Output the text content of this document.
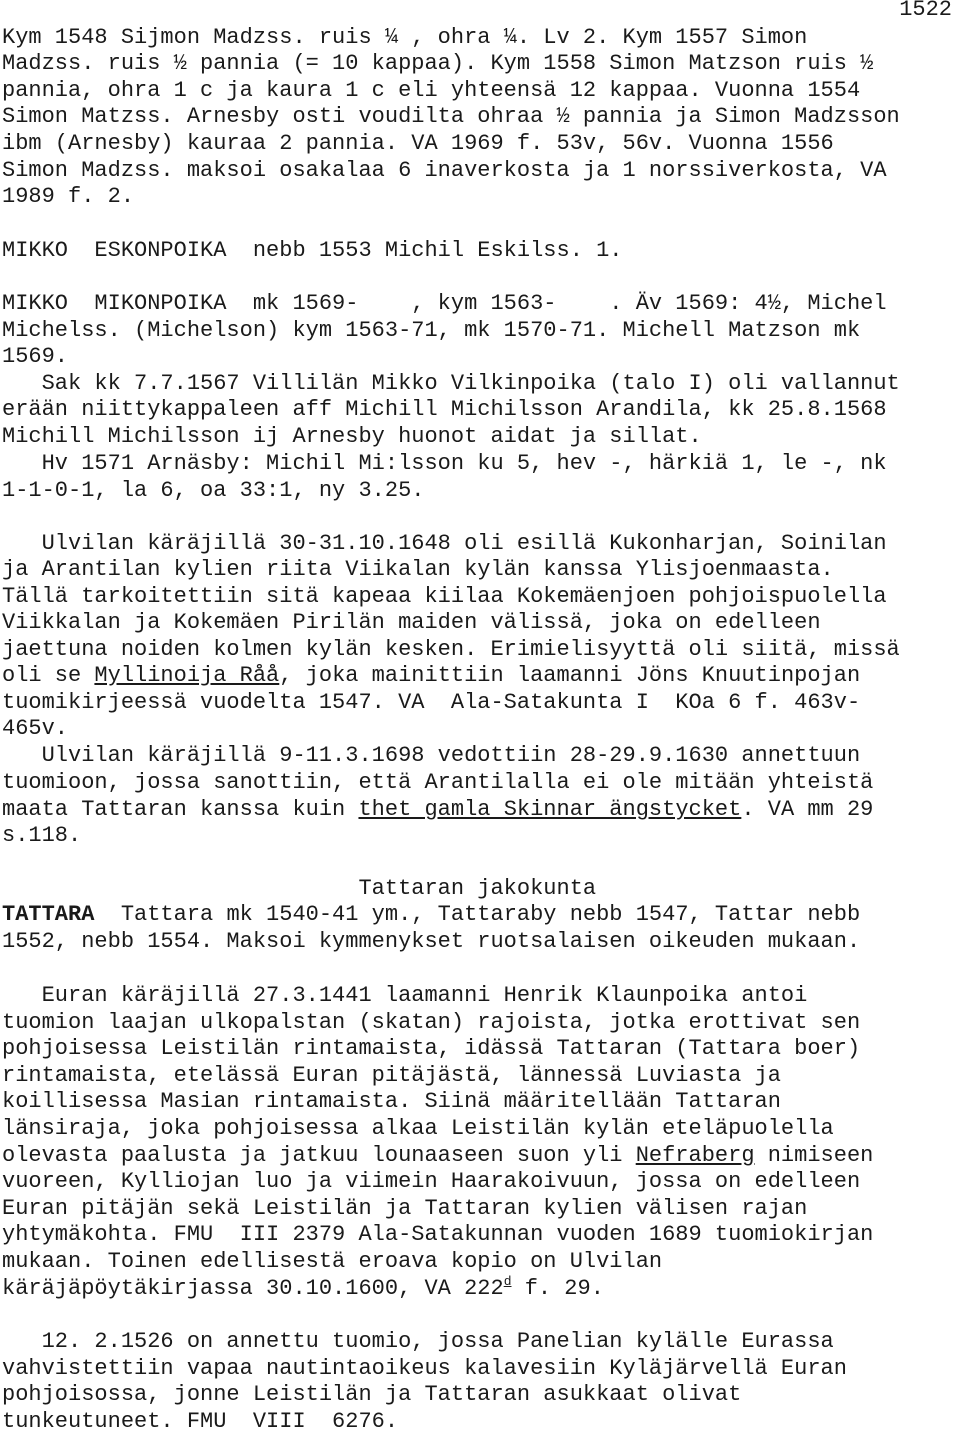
1522
Kym 1548 Sijmon Madzss. ruis ¼ , ohra ¼. Lv 2. Kym 1557 Simon
Madzss. ruis ½ pannia (= 10 kappaa). Kym 1558 Simon Matzson ruis ½
pannia, ohra 1 c ja kaura 1 c eli yhteensä 12 kappaa. Vuonna 1554
Simon Matzss. Arnesby osti voudilta ohraa ½ pannia ja Simon Madzsson
ibm (Arnesby) kauraa 2 pannia. VA 1969 f. 53v, 56v. Vuonna 1556
Simon Madzss. maksoi osakalaa 6 inaverkosta ja 1 norssiverkosta, VA
1989 f. 2.
MIKKO  ESKONPOIKA  nebb 1553 Michil Eskilss. 1.
MIKKO  MIKONPOIKA  mk 1569-    , kym 1563-    . Äv 1569: 4½, Michel
Michelss. (Michelson) kym 1563-71, mk 1570-71. Michell Matzson mk
1569.
Sak kk 7.7.1567 Villilän Mikko Vilkinpoika (talo I) oli vallannut
erään niittykappaleen aff Michill Michilsson Arandila, kk 25.8.1568
Michill Michilsson ij Arnesby huonot aidat ja sillat.
Hv 1571 Arnäsby: Michil Mi:lsson ku 5, hev -, härkiä 1, le -, nk
1-1-0-1, la 6, oa 33:1, ny 3.25.
Ulvilan käräjillä 30-31.10.1648 oli esillä Kukonharjan, Soinilan
ja Arantilan kylien riita Viikalan kylän kanssa Ylisjoenmaasta.
Tällä tarkoitettiin sitä kapeaa kiilaa Kokemäenjoen pohjoispuolella
Viikkalan ja Kokemäen Pirilän maiden välissä, joka on edelleen
jaettuna noiden kolmen kylän kesken. Erimielisyyttä oli siitä, missä
oli se Myllinoija Råå, joka mainittiin laamanni Jöns Knuutinpojan
tuomikirjeessä vuodelta 1547. VA  Ala-Satakunta I  KOa 6 f. 463v-
465v.
Ulvilan käräjillä 9-11.3.1698 vedottiin 28-29.9.1630 annettuun
tuomioon, jossa sanottiin, että Arantilalla ei ole mitään yhteistä
maata Tattaran kanssa kuin thet gamla Skinnar ängstycket. VA mm 29
s.118.
Tattaran jakokunta
TATTARA  Tattara mk 1540-41 ym., Tattaraby nebb 1547, Tattar nebb
1552, nebb 1554. Maksoi kymmenykset ruotsalaisen oikeuden mukaan.
Euran käräjillä 27.3.1441 laamanni Henrik Klaunpoika antoi
tuomion laajan ulkopalstan (skatan) rajoista, jotka erottivat sen
pohjoisessa Leistilän rintamaista, idässä Tattaran (Tattara boer)
rintamaista, etelässä Euran pitäjästä, lännessä Luviasta ja
koillisessa Masian rintamaista. Siinä määritellään Tattaran
länsiraja, joka pohjoisessa alkaa Leistilän kylän eteläpuolella
olevasta paalusta ja jatkuu lounaaseen suon yli Nefraberg nimiseen
vuoreen, Kylliojan luo ja viimein Haarakoivuun, jossa on edelleen
Euran pitäjän sekä Leistilän ja Tattaran kylien välisen rajan
yhtymäkohta. FMU  III 2379 Ala-Satakunnan vuoden 1689 tuomiokirjan
mukaan. Toinen edellisestä eroava kopio on Ulvilan
käräjäpöytäkirjassa 30.10.1600, VA 222$^d$ f. 29.
12. 2.1526 on annettu tuomio, jossa Panelian kylälle Eurassa
vahvistettiin vapaa nautintaoikeus kalavesiin Kyläjärvellä Euran
pohjoisossa, jonne Leistilän ja Tattaran asukkaat olivat
tunkeutuneet. FMU  VIII  6276.
